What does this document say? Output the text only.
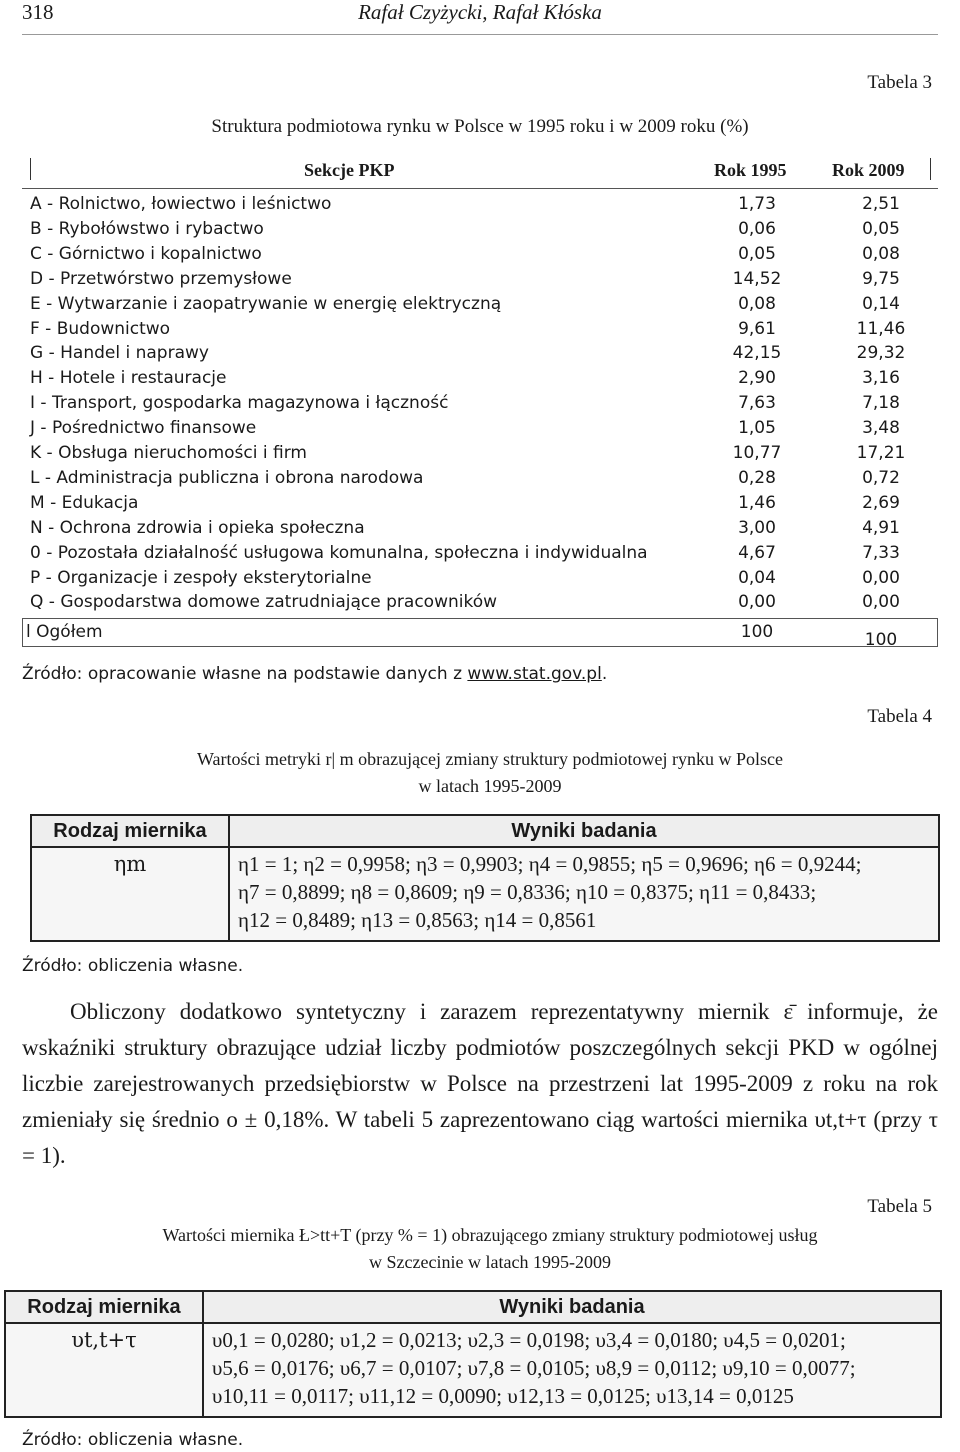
Rafał Czyżycki, Rafał Kłóska
318
Tabela 3
Struktura podmiotowa rynku w Polsce w 1995 roku i w 2009 roku (%)
Sekcje PKP	Rok 1995	Rok 2009
A - Rolnictwo, łowiectwo i leśnictwo	1,73	2,51
B - Rybołówstwo i rybactwo	0,06	0,05
C - Górnictwo i kopalnictwo	0,05	0,08
D - Przetwórstwo przemysłowe	14,52	9,75
E - Wytwarzanie i zaopatrywanie w energię elektryczną	0,08	0,14
F - Budownictwo	9,61	11,46
G - Handel i naprawy	42,15	29,32
H - Hotele i restauracje	2,90	3,16
I - Transport, gospodarka magazynowa i łączność	7,63	7,18
J - Pośrednictwo finansowe	1,05	3,48
K - Obsługa nieruchomości i firm	10,77	17,21
L - Administracja publiczna i obrona narodowa	0,28	0,72
M - Edukacja	1,46	2,69
N - Ochrona zdrowia i opieka społeczna	3,00	4,91
0 - Pozostała działalność usługowa komunalna, społeczna i indywidualna	4,67	7,33
P - Organizacje i zespoły eksterytorialne	0,04	0,00
Q - Gospodarstwa domowe zatrudniające pracowników	0,00	0,00
l Ogółem	100	100
Źródło: opracowanie własne na podstawie danych z www.stat.gov.pl.
Tabela 4
Wartości metryki r| m obrazującej zmiany struktury podmiotowej rynku w Polsce
w latach 1995-2009
Rodzaj miernika	Wyniki badania
ηm	η1 = 1; η2 = 0,9958; η3 = 0,9903; η4 = 0,9855; η5 = 0,9696; η6 = 0,9244;
η7 = 0,8899; η8 = 0,8609; η9 = 0,8336; η10 = 0,8375; η11 = 0,8433;
η12 = 0,8489; η13 = 0,8563; η14 = 0,8561
Źródło: obliczenia własne.
Obliczony dodatkowo syntetyczny i zarazem reprezentatywny miernik ε̄ informuje, że wskaźniki struktury obrazujące udział liczby podmiotów poszczególnych sekcji PKD w ogólnej liczbie zarejestrowanych przedsiębiorstw w Polsce na przestrzeni lat 1995-2009 z roku na rok zmieniały się średnio o ± 0,18%. W tabeli 5 zaprezentowano ciąg wartości miernika υt,t+τ (przy τ = 1).
Tabela 5
Wartości miernika Ł>tt+T (przy % = 1) obrazującego zmiany struktury podmiotowej usług
w Szczecinie w latach 1995-2009
Rodzaj miernika	Wyniki badania
υt,t+τ	υ0,1 = 0,0280; υ1,2 = 0,0213; υ2,3 = 0,0198; υ3,4 = 0,0180; υ4,5 = 0,0201;
υ5,6 = 0,0176; υ6,7 = 0,0107; υ7,8 = 0,0105; υ8,9 = 0,0112; υ9,10 = 0,0077;
υ10,11 = 0,0117; υ11,12 = 0,0090; υ12,13 = 0,0125; υ13,14 = 0,0125
Źródło: obliczenia własne.
